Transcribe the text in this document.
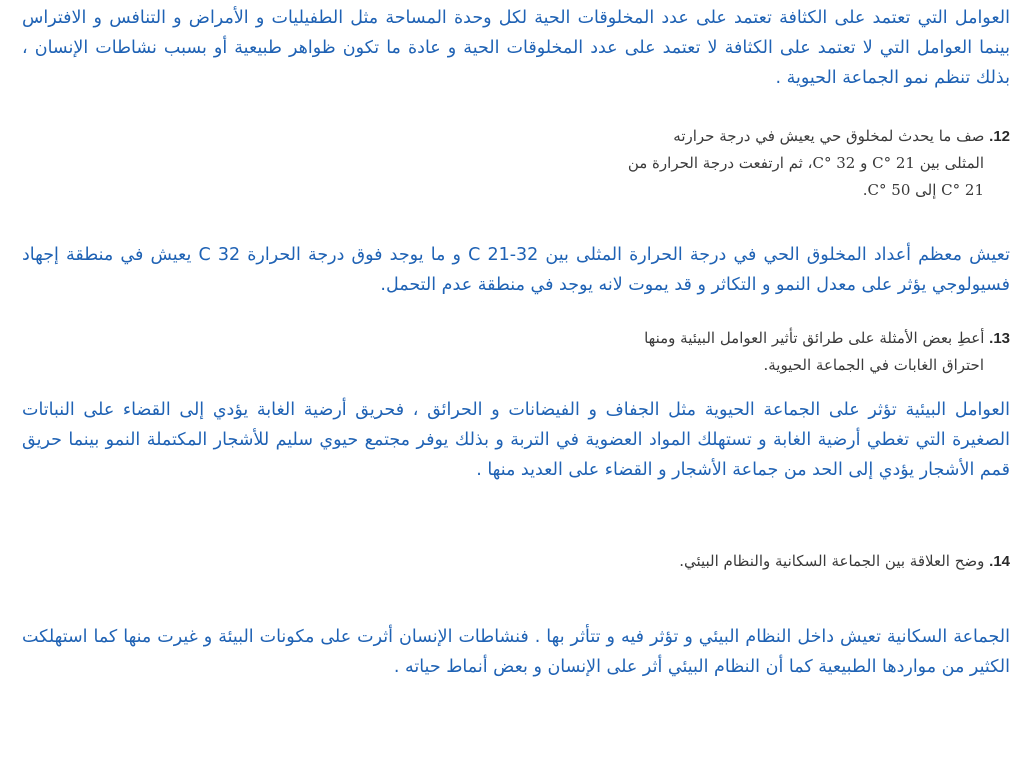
العوامل التي تعتمد على الكثافة تعتمد على عدد المخلوقات الحية لكل وحدة المساحة مثل الطفيليات و الأمراض و التنافس و الافتراس بينما العوامل التي لا تعتمد على الكثافة لا تعتمد على عدد المخلوقات الحية و عادة ما تكون ظواهر طبيعية أو بسبب نشاطات الإنسان ، بذلك تنظم نمو الجماعة الحيوية .

12. صف ما يحدث لمخلوق حي يعيش في درجة حرارته
المثلى بين C° 21 و C° 32، ثم ارتفعت درجة الحرارة من
C° 21 إلى C° 50.

تعيش معظم أعداد المخلوق الحي في درجة الحرارة المثلى بين C 21-32 و ما يوجد فوق درجة الحرارة C 32 يعيش في منطقة إجهاد فسيولوجي يؤثر على معدل النمو و التكاثر و قد يموت لانه يوجد في منطقة عدم التحمل.

13. أعطِ بعض الأمثلة على طرائق تأثير العوامل البيئية ومنها
احتراق الغابات في الجماعة الحيوية.

العوامل البيئية تؤثر على الجماعة الحيوية مثل الجفاف و الفيضانات و الحرائق ، فحريق أرضية الغابة يؤدي إلى القضاء على النباتات الصغيرة التي تغطي أرضية الغابة و تستهلك المواد العضوية في التربة و بذلك يوفر مجتمع حيوي سليم للأشجار المكتملة النمو بينما حريق قمم الأشجار يؤدي إلى الحد من جماعة الأشجار و القضاء على العديد منها .

14. وضح العلاقة بين الجماعة السكانية والنظام البيئي.

الجماعة السكانية تعيش داخل النظام البيئي و تؤثر فيه و تتأثر بها . فنشاطات الإنسان أثرت على مكونات البيئة و غيرت منها كما استهلكت الكثير من مواردها الطبيعية كما أن النظام البيئي أثر على الإنسان و بعض أنماط حياته .
